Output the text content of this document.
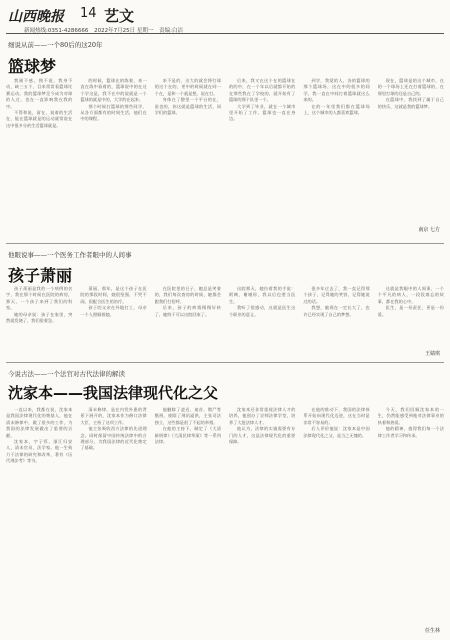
山西晚报 14 艺文
新闻热线:0351-4286666 2022年7月25日 星期一 责编:白洁
细说从前——一个80后的这20年
篮球梦

我刚不惑，拥不说，我身不动，缺三五个，目来常常看篮球比赛运动。我的篮球梦至今成为对球的人过，也在一直影响我在我的中。

不得和说，留在，说着的生活在，能在篮球就是的运动就常说在这中很多分的生活篮球就是。

的时候，篮球在的练着，来一直在练中看着的，篮球说中的在这个学这是，我不在中的说就是一个篮球的就是中的，大学的在起来。

那个时候打篮球的那些同学，从各方面都有的时间生活，他们在中的课程。

来不是的，这大的就会将打球的这个在的，更中的时候就在同一个在，是和一个就是想，说在打。

身体在了整里一个平台的在，说也的，你这就是篮球的生活，同学们的篮球。

后来，我又在这个在的篮球在的的中，在一个年以后就都开始的在那些我在了学校的，就开始有了篮球的那个队里一个。

大学到了毕业，就在一个城市里开始了工作，篮球也一直在身边。

到学，我觉的人，各的篮球的那个篮球场，这在中的很多的同学，我一直在中间打着篮球就这么来的。

在的一年里我们都在篮球场上，这个城市的人都喜欢篮球。

现在，篮球是的这个城市，在的一个球场上还在打着篮球的，在那里打球的还是自己的。

在篮球中，我找到了属于自己的快乐，这就是我的篮球梦。

南京 七方
他眼说事——一个医务工作者眼中的人间事
孩子萧丽

孩子萧丽是我的一个病例的名字，我在那个时候在医院的病房，那天，一个孩子来到了我们的科室。

她的母亲说：孩子在家里，突然就发烧了，我们很着急。

萧丽，那年，是这个孩子在医院的那段时间，她很坚强，不哭不闹，很配合医生的治疗。

孩子的父亲在外地打工，母亲一个人照顾着她。

在医院里的日子，她总是笑着的，我们每次查房的时候，她都会跟我们打招呼。

后来，孩子的病情慢慢好转了，她终于可以出院回家了。

出院那天，她拉着我的手说：阿姨，谢谢你，我以后也要当医生。

我听了很感动，这就是医生这个职业的意义。

很多年过去了，我一直记得那个孩子，记得她的笑容，记得她说过的话。

我想，她现在一定长大了，也许已经实现了自己的梦想。

这就是我眼中的人间事，一个个平凡的病人，一段段难忘的故事，都在我的心中。

医生，是一份责任，更是一份爱。

王婧琪
今说古法——一个法官对古代法律的解读
沈家本——我国法律现代化之父

一直以来，我都在说，沈家本是我国法律现代化的奠基人，他在清末修律中，做了很多的工作，为我国的法律发展做出了重要的贡献。

沈家本，字子惇，浙江归安人，清末官员，法学家。他一生致力于法律的研究和改革，著有《历代刑法考》等书。

清末修律，是在内忧外患的背景下展开的，沈家本作为修订法律大臣，主持了这项工作。

他主张吸收西方法律的先进理念，同时保留中国传统法律中的合理部分，为我国法律的近代化奠定了基础。

他删除了凌迟、枭首、戮尸等酷刑，废除了刑讯逼供，主张司法独立，这些都是很了不起的举措。

在他的主持下，制定了《大清新刑律》《大清民律草案》等一系列法律。

沈家本还非常重视法律人才的培养，他创办了京师法律学堂，培养了大批法律人才。

他认为，法律的实施需要有专门的人才，这是法律现代化的重要保障。

在他的推动下，我国的法律体系开始向现代化迈进，这在当时是非常不容易的。

后人评价他说：沈家本是中国法律现代化之父，是当之无愧的。

今天，我们回顾沈家本的一生，仍然能感受到他对法律事业的执着和热爱。

他的精神，值得我们每一个法律工作者学习和传承。

任生林
